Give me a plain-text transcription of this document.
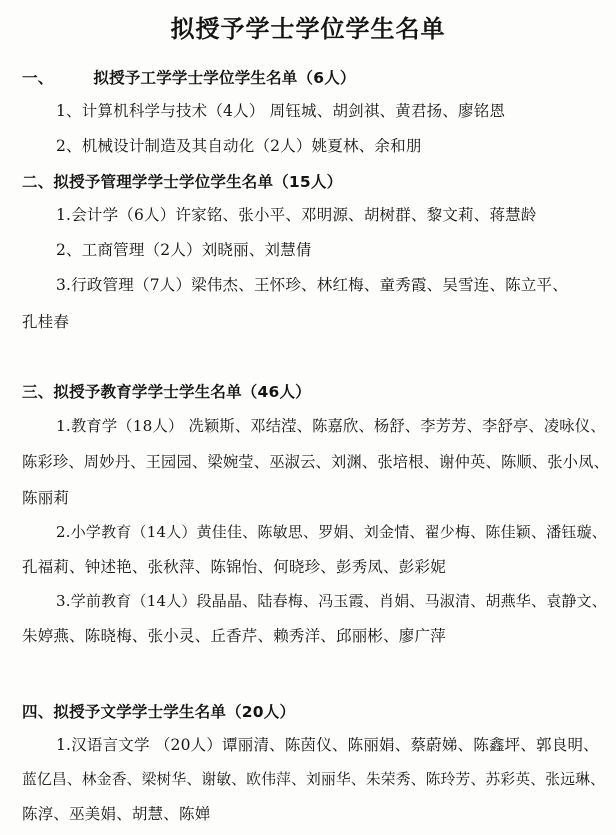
拟授予学士学位学生名单
一、	拟授予工学学士学位学生名单（6人）
1、计算机科学与技术（4人） 周钰城、胡剑祺、黄君扬、廖铭恩
2、机械设计制造及其自动化（2人）姚夏林、余和朋
二、拟授予管理学学士学位学生名单（15人）
1.会计学（6人）许家铭、张小平、邓明源、胡树群、黎文莉、蒋慧龄
2、工商管理（2人）刘晓丽、刘慧倩
3.行政管理（7人）梁伟杰、王怀珍、林红梅、童秀霞、吴雪连、陈立平、
孔桂春
三、拟授予教育学学士学生名单（46人）
1.教育学（18人） 冼颖斯、邓结滢、陈嘉欣、杨舒、李芳芳、李舒亭、凌咏仪、
陈彩珍、周妙丹、王园园、梁婉莹、巫淑云、刘渊、张培根、谢仲英、陈顺、张小凤、
陈丽莉
2.小学教育（14人）黄佳佳、陈敏思、罗娟、刘金情、翟少梅、陈佳颖、潘钰璇、
孔福莉、钟述艳、张秋萍、陈锦怡、何晓珍、彭秀凤、彭彩妮
3.学前教育（14人）段晶晶、陆春梅、冯玉霞、肖娟、马淑清、胡燕华、袁静文、
朱婷燕、陈晓梅、张小灵、丘香芹、赖秀洋、邱丽彬、廖广萍
四、拟授予文学学士学生名单（20人）
1.汉语言文学 （20人）谭丽清、陈茵仪、陈丽娟、蔡蔚娣、陈鑫坪、郭良明、
蓝亿昌、林金香、梁树华、谢敏、欧伟萍、刘丽华、朱荣秀、陈玲芳、苏彩英、张远琳、
陈淳、巫美娟、胡慧、陈婵
